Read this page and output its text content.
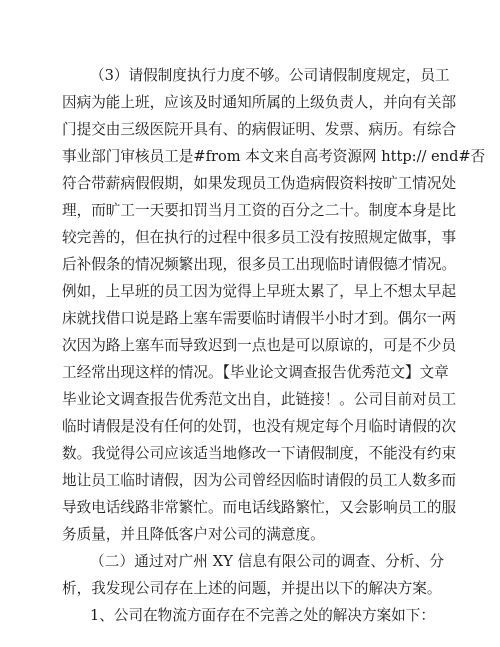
（3）请假制度执行力度不够。公司请假制度规定，员工
因病为能上班，应该及时通知所属的上级负责人，并向有关部
门提交由三级医院开具有、的病假证明、发票、病历。有综合
事业部门审核员工是#from 本文来自高考资源网 http:// end#否
符合带薪病假假期，如果发现员工伪造病假资料按旷工情况处
理，而旷工一天要扣罚当月工资的百分之二十。制度本身是比
较完善的，但在执行的过程中很多员工没有按照规定做事，事
后补假条的情况频繁出现，很多员工出现临时请假德才情况。
例如，上早班的员工因为觉得上早班太累了，早上不想太早起
床就找借口说是路上塞车需要临时请假半小时才到。偶尔一两
次因为路上塞车而导致迟到一点也是可以原谅的，可是不少员
工经常出现这样的情况。【毕业论文调查报告优秀范文】文章
毕业论文调查报告优秀范文出自，此链接！。公司目前对员工
临时请假是没有任何的处罚，也没有规定每个月临时请假的次
数。我觉得公司应该适当地修改一下请假制度，不能没有约束
地让员工临时请假，因为公司曾经因临时请假的员工人数多而
导致电话线路非常繁忙。而电话线路繁忙，又会影响员工的服
务质量，并且降低客户对公司的满意度。
（二）通过对广州 XY 信息有限公司的调查、分析、分
析，我发现公司存在上述的问题，并提出以下的解决方案。
1、公司在物流方面存在不完善之处的解决方案如下：
